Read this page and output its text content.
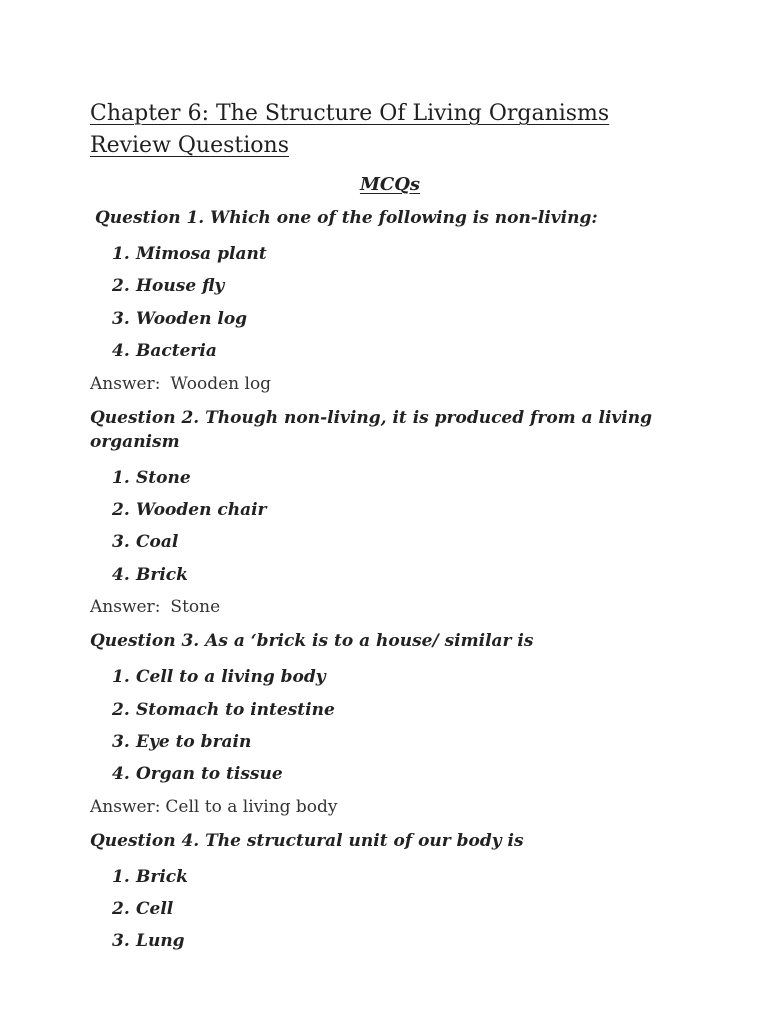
Chapter 6: The Structure Of Living Organisms
Review Questions
MCQs
Question 1. Which one of the following is non-living:
1. Mimosa plant
2. House fly
3. Wooden log
4. Bacteria
Answer: Wooden log
Question 2. Though non-living, it is produced from a living organism
1. Stone
2. Wooden chair
3. Coal
4. Brick
Answer: Stone
Question 3. As a ‘brick is to a house/ similar is
1. Cell to a living body
2. Stomach to intestine
3. Eye to brain
4. Organ to tissue
Answer: Cell to a living body
Question 4. The structural unit of our body is
1. Brick
2. Cell
3. Lung
